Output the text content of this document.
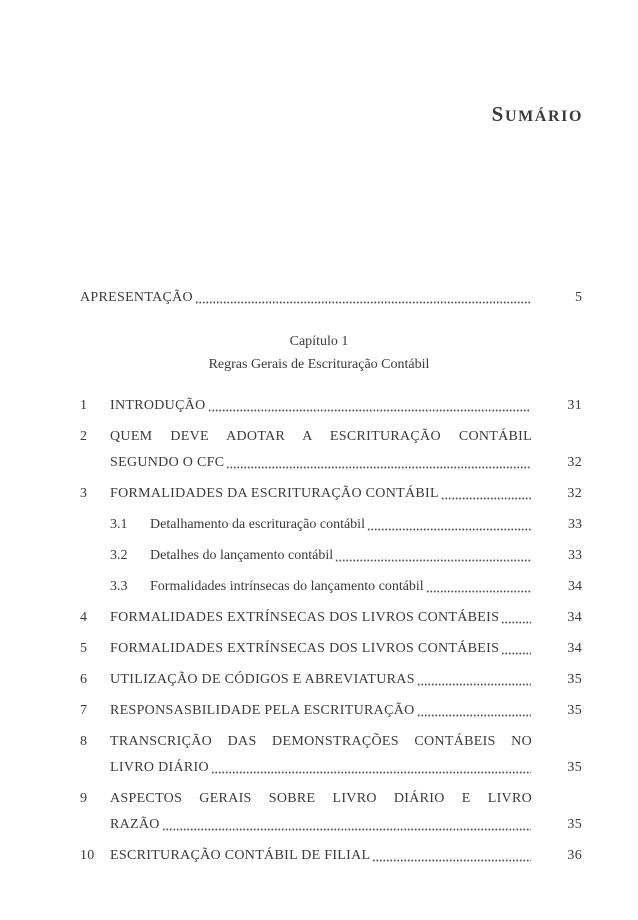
SUMÁRIO
APRESENTAÇÃO	5
Capítulo 1
Regras Gerais de Escrituração Contábil
1	INTRODUÇÃO	31
2	QUEM DEVE ADOTAR A ESCRITURAÇÃO CONTÁBIL
SEGUNDO O CFC	32
3	FORMALIDADES DA ESCRITURAÇÃO CONTÁBIL	32
3.1	Detalhamento da escrituração contábil	33
3.2	Detalhes do lançamento contábil	33
3.3	Formalidades intrínsecas do lançamento contábil	34
4	FORMALIDADES EXTRÍNSECAS DOS LIVROS CONTÁBEIS	34
5	FORMALIDADES EXTRÍNSECAS DOS LIVROS CONTÁBEIS	34
6	UTILIZAÇÃO DE CÓDIGOS E ABREVIATURAS	35
7	RESPONSASBILIDADE PELA ESCRITURAÇÃO	35
8	TRANSCRIÇÃO DAS DEMONSTRAÇÕES CONTÁBEIS NO
LIVRO DIÁRIO	35
9	ASPECTOS GERAIS SOBRE LIVRO DIÁRIO E LIVRO
RAZÃO	35
10	ESCRITURAÇÃO CONTÁBIL DE FILIAL	36
